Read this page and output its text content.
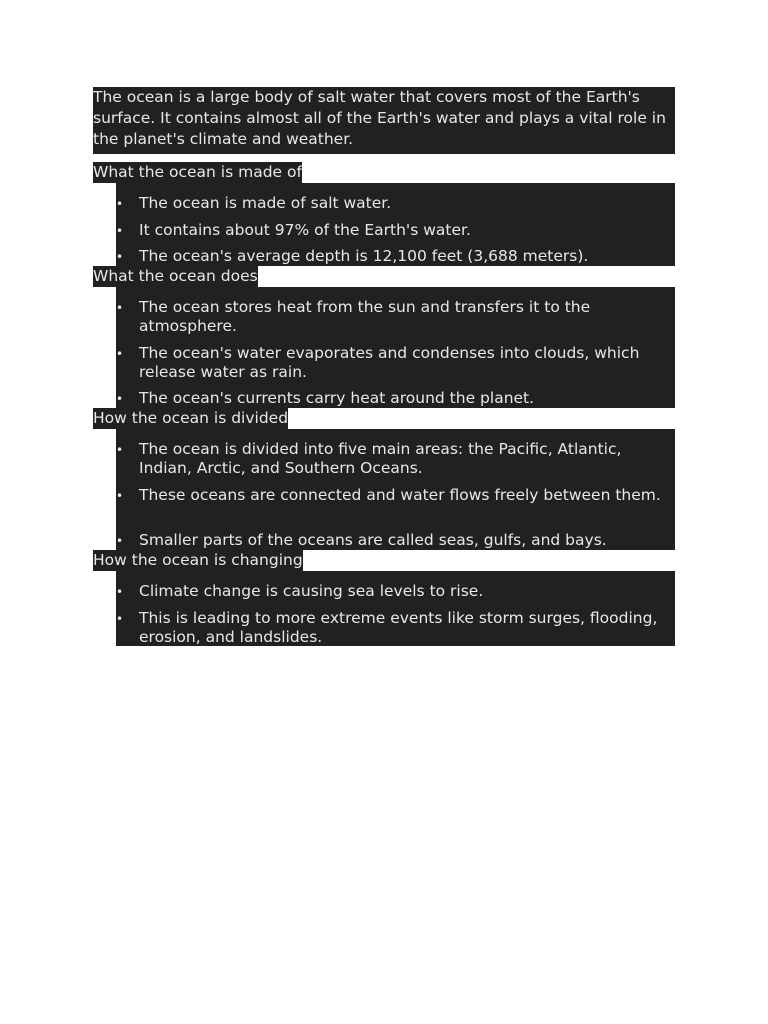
The ocean is a large body of salt water that covers most of the Earth's surface. It contains almost all of the Earth's water and plays a vital role in the planet's climate and weather.

What the ocean is made of
• The ocean is made of salt water.
• It contains about 97% of the Earth's water.
• The ocean's average depth is 12,100 feet (3,688 meters).
What the ocean does
• The ocean stores heat from the sun and transfers it to the atmosphere.
• The ocean's water evaporates and condenses into clouds, which release water as rain.
• The ocean's currents carry heat around the planet.
How the ocean is divided
• The ocean is divided into five main areas: the Pacific, Atlantic, Indian, Arctic, and Southern Oceans.
• These oceans are connected and water flows freely between them.
• Smaller parts of the oceans are called seas, gulfs, and bays.
How the ocean is changing
• Climate change is causing sea levels to rise.
• This is leading to more extreme events like storm surges, flooding, erosion, and landslides.
